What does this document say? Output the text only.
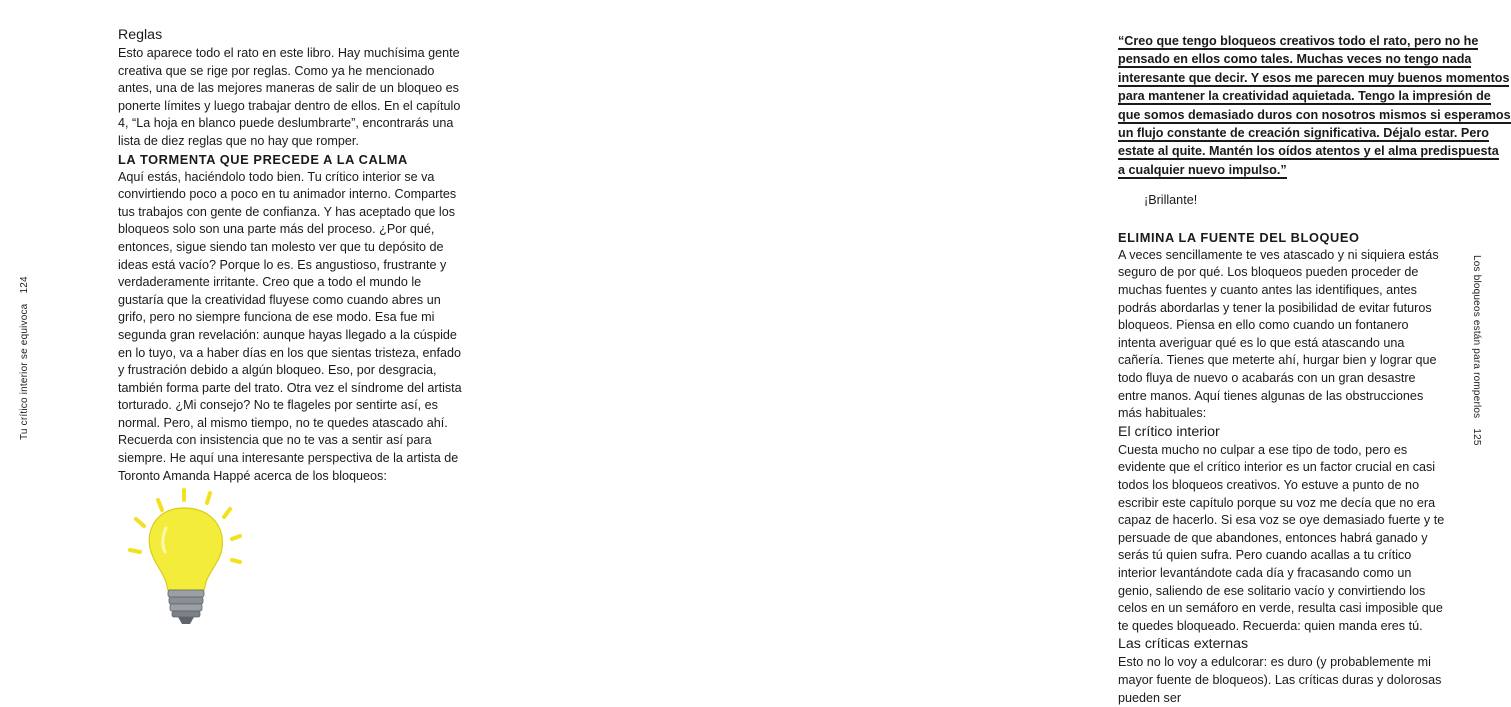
Tu crítico interior se equivoca124
Reglas

Esto aparece todo el rato en este libro. Hay muchísima gente creativa que se rige por reglas. Como ya he mencionado antes, una de las mejores maneras de salir de un bloqueo es ponerte límites y luego trabajar dentro de ellos. En el capítulo 4, “La hoja en blanco puede deslumbrarte”, encontrarás una lista de diez reglas que no hay que romper.

LA TORMENTA QUE PRECEDE A LA CALMA

Aquí estás, haciéndolo todo bien. Tu crítico interior se va convirtiendo poco a poco en tu animador interno. Compartes tus trabajos con gente de confianza. Y has aceptado que los bloqueos solo son una parte más del proceso. ¿Por qué, entonces, sigue siendo tan molesto ver que tu depósito de ideas está vacío? Porque lo es. Es angustioso, frustrante y verdaderamente irritante. Creo que a todo el mundo le gustaría que la creatividad fluyese como cuando abres un grifo, pero no siempre funciona de ese modo. Esa fue mi segunda gran revelación: aunque hayas llegado a la cúspide en lo tuyo, va a haber días en los que sientas tristeza, enfado y frustración debido a algún bloqueo. Eso, por desgracia, también forma parte del trato. Otra vez el síndrome del artista torturado. ¿Mi consejo? No te flageles por sentirte así, es normal. Pero, al mismo tiempo, no te quedes atascado ahí. Recuerda con insistencia que no te vas a sentir así para siempre. He aquí una interesante perspectiva de la artista de Toronto Amanda Happé acerca de los bloqueos:

“Creo que tengo bloqueos creativos todo el rato, pero no he
pensado en ellos como tales. Muchas veces no tengo nada
interesante que decir. Y esos me parecen muy buenos momentos
para mantener la creatividad aquietada. Tengo la impresión de
que somos demasiado duros con nosotros mismos si esperamos
un flujo constante de creación significativa. Déjalo estar. Pero
estate al quite. Mantén los oídos atentos y el alma predispuesta
a cualquier nuevo impulso.”

¡Brillante!

ELIMINA LA FUENTE DEL BLOQUEO

A veces sencillamente te ves atascado y ni siquiera estás seguro de por qué. Los bloqueos pueden proceder de muchas fuentes y cuanto antes las identifiques, antes podrás abordarlas y tener la posibilidad de evitar futuros bloqueos. Piensa en ello como cuando un fontanero intenta averiguar qué es lo que está atascando una cañería. Tienes que meterte ahí, hurgar bien y lograr que todo fluya de nuevo o acabarás con un gran desastre entre manos. Aquí tienes algunas de las obstrucciones más habituales:

El crítico interior

Cuesta mucho no culpar a ese tipo de todo, pero es evidente que el crítico interior es un factor crucial en casi todos los bloqueos creativos. Yo estuve a punto de no escribir este capítulo porque su voz me decía que no era capaz de hacerlo. Si esa voz se oye demasiado fuerte y te persuade de que abandones, entonces habrá ganado y serás tú quien sufra. Pero cuando acallas a tu crítico interior levantándote cada día y fracasando como un genio, saliendo de ese solitario vacío y convirtiendo los celos en un semáforo en verde, resulta casi imposible que te quedes bloqueado. Recuerda: quien manda eres tú.

Las críticas externas

Esto no lo voy a edulcorar: es duro (y probablemente mi mayor fuente de bloqueos). Las críticas duras y dolorosas pueden ser

Los bloqueos están para romperlos125
